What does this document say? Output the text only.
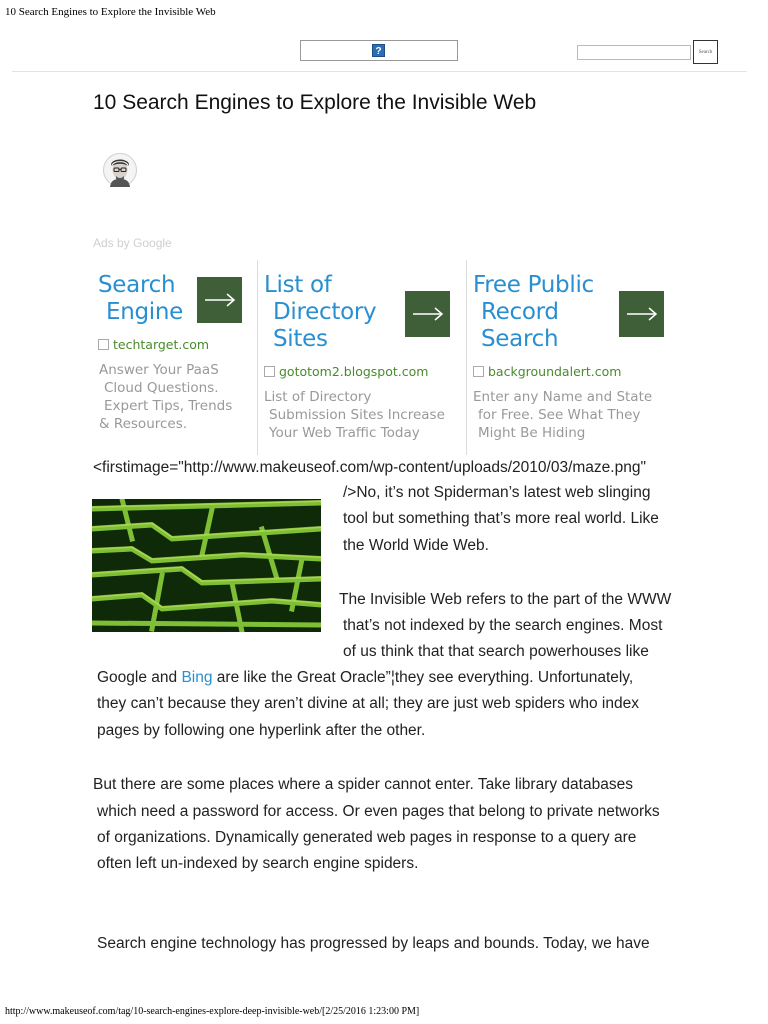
10 Search Engines to Explore the Invisible Web
?	Search
10 Search Engines to Explore the Invisible Web
Ads by Google
Search
Engine
techtarget.com
Answer Your PaaS
Cloud Questions.
Expert Tips, Trends
& Resources.
List of
Directory
Sites
gototom2.blogspot.com
List of Directory
Submission Sites Increase
Your Web Traffic Today
Free Public
Record
Search
backgroundalert.com
Enter any Name and State
for Free. See What They
Might Be Hiding
<firstimage="http://www.makeuseof.com/wp-content/uploads/2010/03/maze.png"
/>No, it’s not Spiderman’s latest web slinging
tool but something that’s more real world. Like
the World Wide Web.
The Invisible Web refers to the part of the WWW
that’s not indexed by the search engines. Most
of us think that that search powerhouses like
Google and Bing are like the Great Oracle”¦they see everything. Unfortunately,
they can’t because they aren’t divine at all; they are just web spiders who index
pages by following one hyperlink after the other.
But there are some places where a spider cannot enter. Take library databases
which need a password for access. Or even pages that belong to private networks
of organizations. Dynamically generated web pages in response to a query are
often left un-indexed by search engine spiders.
Search engine technology has progressed by leaps and bounds. Today, we have
http://www.makeuseof.com/tag/10-search-engines-explore-deep-invisible-web/[2/25/2016 1:23:00 PM]
